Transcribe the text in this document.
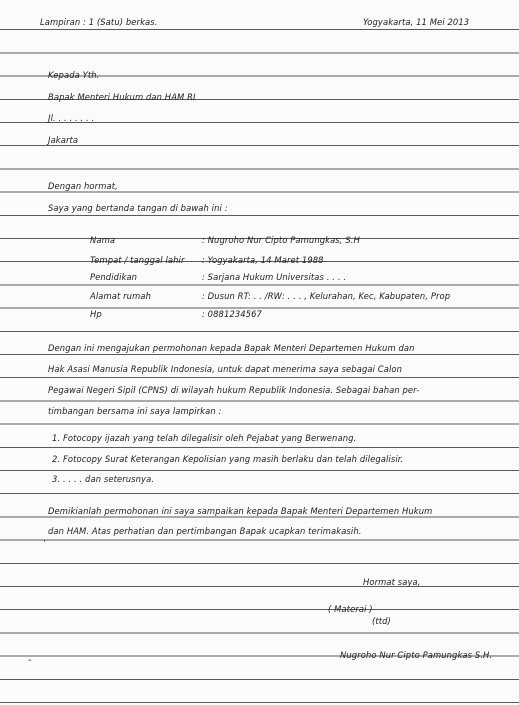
Lampiran : 1 (Satu) berkas.	Yogyakarta, 11 Mei 2013
Kepada Yth.
Bapak Menteri Hukum dan HAM RI
Jl. . . . . . . .
Jakarta
Dengan hormat,
Saya yang bertanda tangan di bawah ini :
Nama	: Nugroho Nur Cipto Pamungkas, S.H
Tempat / tanggal lahir : Yogyakarta, 14 Maret 1988
Pendidikan	: Sarjana Hukum Universitas . . . .
Alamat rumah	: Dusun RT: . . /RW: . . . , Kelurahan, Kec, Kabupaten, Prop
Hp	: 0881234567
Dengan ini mengajukan permohonan kepada Bapak Menteri Departemen Hukum dan
Hak Asasi Manusia Republik Indonesia, untuk dapat menerima saya sebagai Calon
Pegawai Negeri Sipil (CPNS) di wilayah hukum Republik Indonesia. Sebagai bahan per-
timbangan bersama ini saya lampirkan :
1. Fotocopy ijazah yang telah dilegalisir oleh Pejabat yang Berwenang.
2. Fotocopy Surat Keterangan Kepolisian yang masih berlaku dan telah dilegalisir.
3. . . . . dan seterusnya.
Demikianlah permohonan ini saya sampaikan kepada Bapak Menteri Departemen Hukum
dan HAM. Atas perhatian dan pertimbangan Bapak ucapkan terimakasih.
˙
Hormat saya,
( Materai )
(ttd)
Nugroho Nur Cipto Pamungkas S.H.
-
